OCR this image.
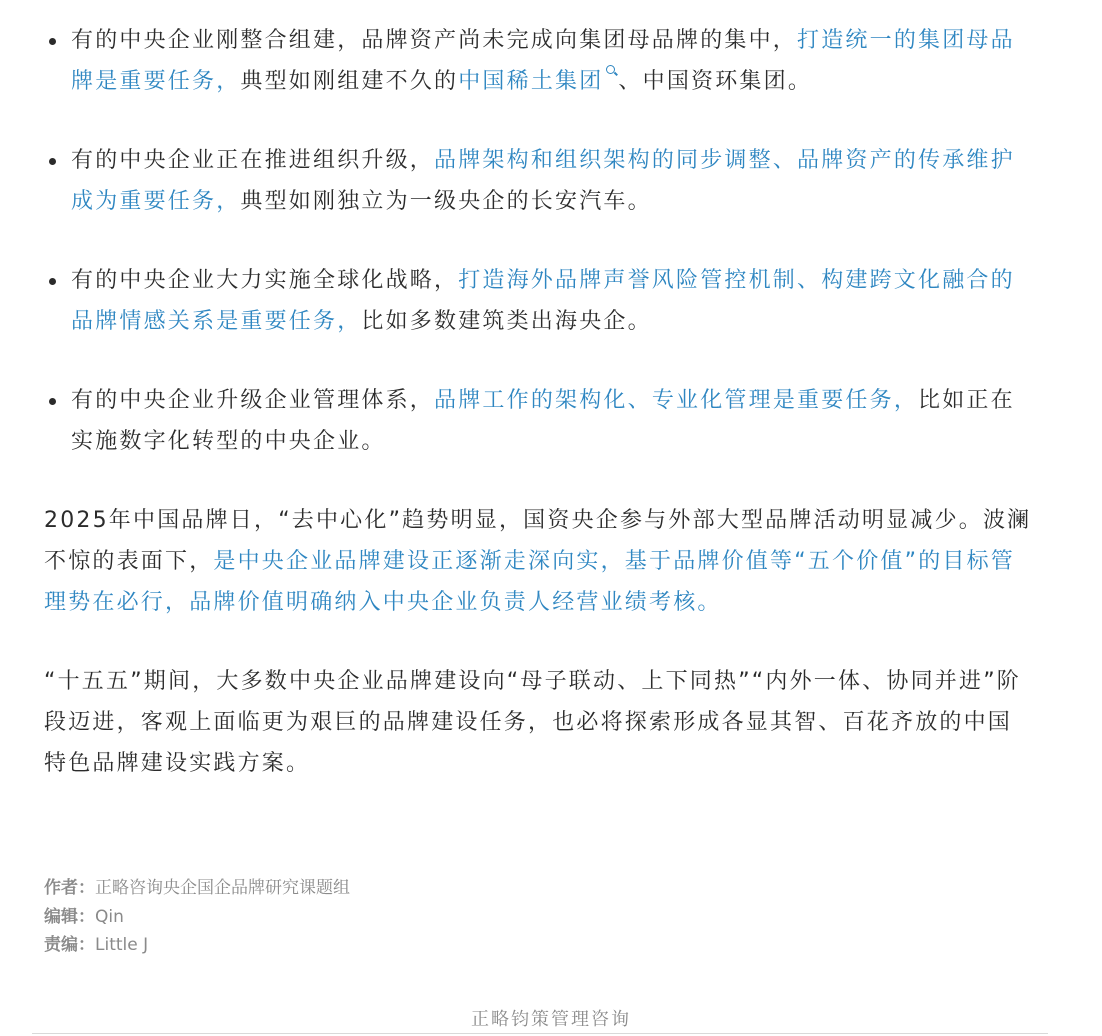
有的中央企业刚整合组建，品牌资产尚未完成向集团母品牌的集中，打造统一的集团母品牌是重要任务，典型如刚组建不久的中国稀土集团 、中国资环集团。
有的中央企业正在推进组织升级，品牌架构和组织架构的同步调整、品牌资产的传承维护成为重要任务，典型如刚独立为一级央企的长安汽车。
有的中央企业大力实施全球化战略，打造海外品牌声誉风险管控机制、构建跨文化融合的品牌情感关系是重要任务，比如多数建筑类出海央企。
有的中央企业升级企业管理体系，品牌工作的架构化、专业化管理是重要任务，比如正在实施数字化转型的中央企业。

2025年中国品牌日，“去中心化”趋势明显，国资央企参与外部大型品牌活动明显减少。波澜不惊的表面下，是中央企业品牌建设正逐渐走深向实，基于品牌价值等“五个价值”的目标管理势在必行，品牌价值明确纳入中央企业负责人经营业绩考核。

“十五五”期间，大多数中央企业品牌建设向“母子联动、上下同热”“内外一体、协同并进”阶段迈进，客观上面临更为艰巨的品牌建设任务，也必将探索形成各显其智、百花齐放的中国特色品牌建设实践方案。

作者：正略咨询央企国企品牌研究课题组
编辑：Qin
责编：Little J
正略钧策管理咨询
